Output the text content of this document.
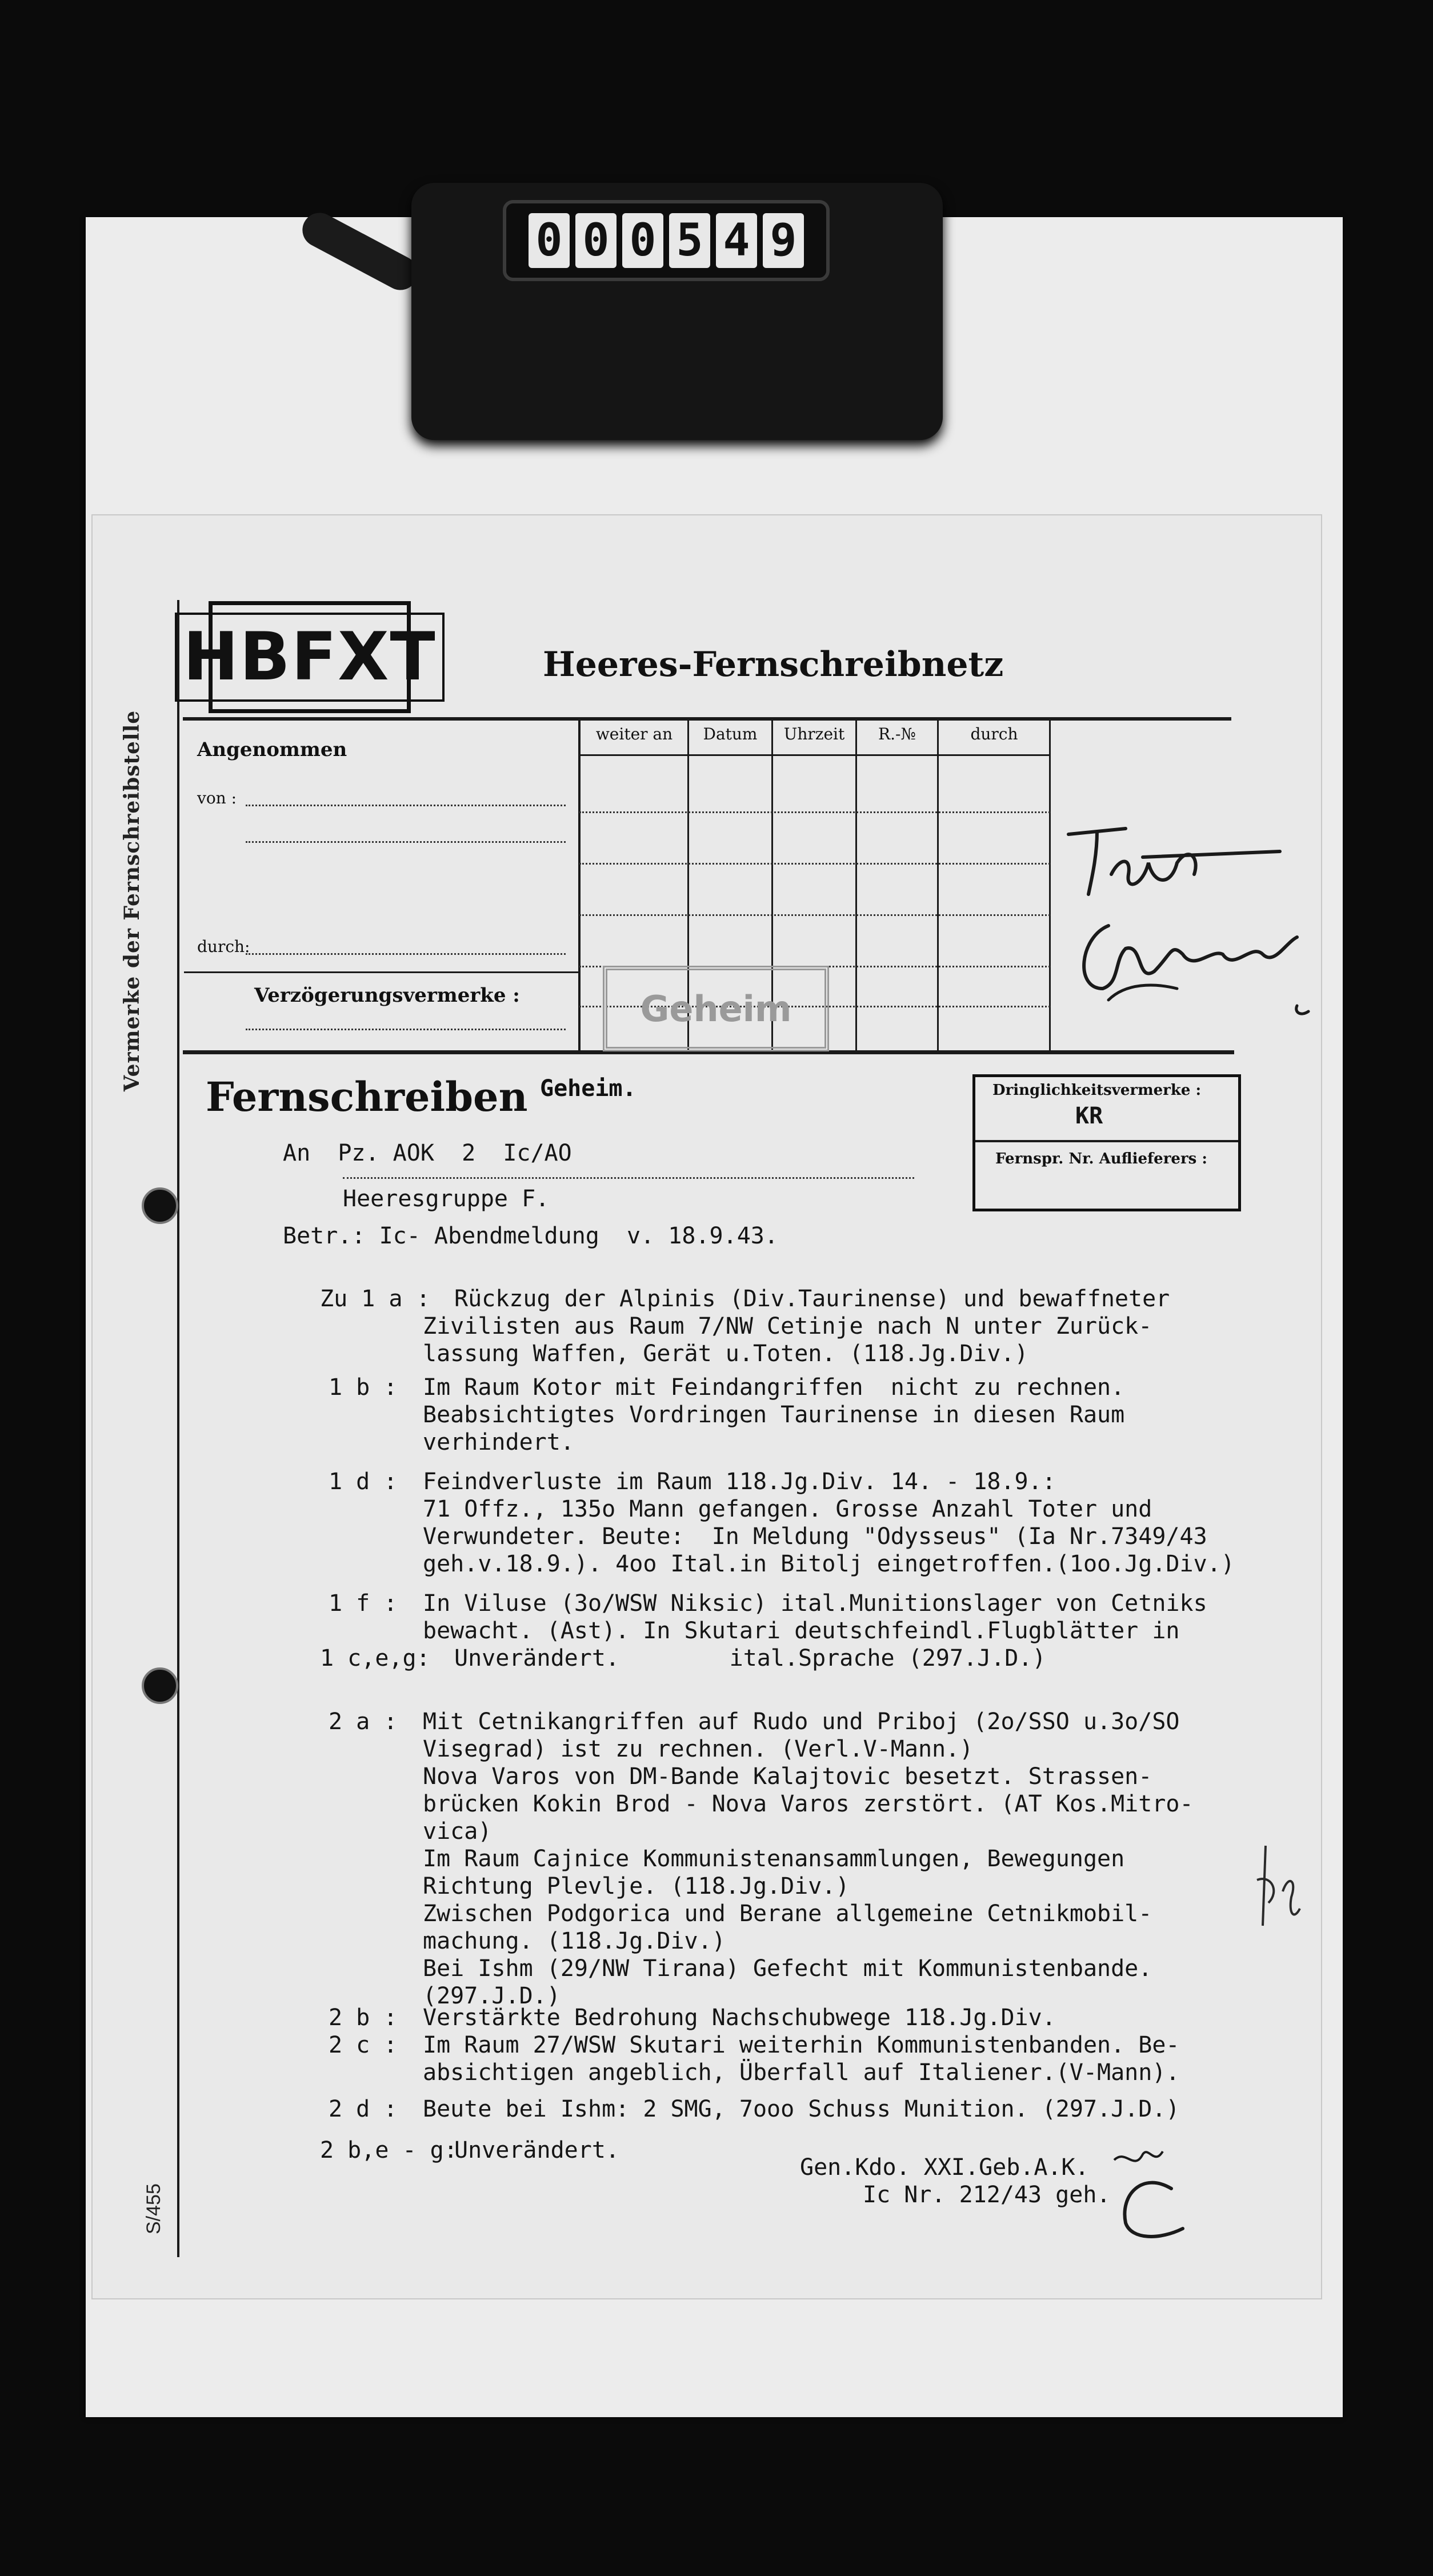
0 0 0 5 4 9
Vermerke der Fernschreibstelle
S/455
HBFXT	Heeres-Fernschreibnetz
weiter an	Datum	Uhrzeit	R.-№	durch
Angenommen
von :
durch:
Verzögerungsvermerke :	Geheim
Fernschreiben Geheim.	Dringlichkeitsvermerke :
KR
Fernspr. Nr. Auflieferers :
An  Pz. AOK  2  Ic/AO
Heeresgruppe F.
Betr.: Ic- Abendmeldung  v. 18.9.43.
Zu 1 a : Rückzug der Alpinis (Div.Taurinense) und bewaffneter
Zivilisten aus Raum 7/NW Cetinje nach N unter Zurück-
lassung Waffen, Gerät u.Toten. (118.Jg.Div.)
1 b : Im Raum Kotor mit Feindangriffen  nicht zu rechnen.
Beabsichtigtes Vordringen Taurinense in diesen Raum
verhindert.
1 d : Feindverluste im Raum 118.Jg.Div. 14. - 18.9.:
71 Offz., 135o Mann gefangen. Grosse Anzahl Toter und
Verwundeter. Beute:  In Meldung "Odysseus" (Ia Nr.7349/43
geh.v.18.9.). 4oo Ital.in Bitolj eingetroffen.(1oo.Jg.Div.)
1 f : In Viluse (3o/WSW Niksic) ital.Munitionslager von Cetniks
bewacht. (Ast). In Skutari deutschfeindl.Flugblätter in
1 c,e,g: Unverändert.        ital.Sprache (297.J.D.)
2 a : Mit Cetnikangriffen auf Rudo und Priboj (2o/SSO u.3o/SO
Visegrad) ist zu rechnen. (Verl.V-Mann.)
Nova Varos von DM-Bande Kalajtovic besetzt. Strassen-
brücken Kokin Brod - Nova Varos zerstört. (AT Kos.Mitro-
vica)
Im Raum Cajnice Kommunistenansammlungen, Bewegungen
Richtung Plevlje. (118.Jg.Div.)
Zwischen Podgorica und Berane allgemeine Cetnikmobil-
machung. (118.Jg.Div.)
Bei Ishm (29/NW Tirana) Gefecht mit Kommunistenbande.
(297.J.D.)
2 b : Verstärkte Bedrohung Nachschubwege 118.Jg.Div.
2 c : Im Raum 27/WSW Skutari weiterhin Kommunistenbanden. Be-
absichtigen angeblich, Überfall auf Italiener.(V-Mann).
2 d : Beute bei Ishm: 2 SMG, 7ooo Schuss Munition. (297.J.D.)
2 b,e - g:
Unverändert.
Gen.Kdo. XXI.Geb.A.K.
Ic Nr. 212/43 geh.
